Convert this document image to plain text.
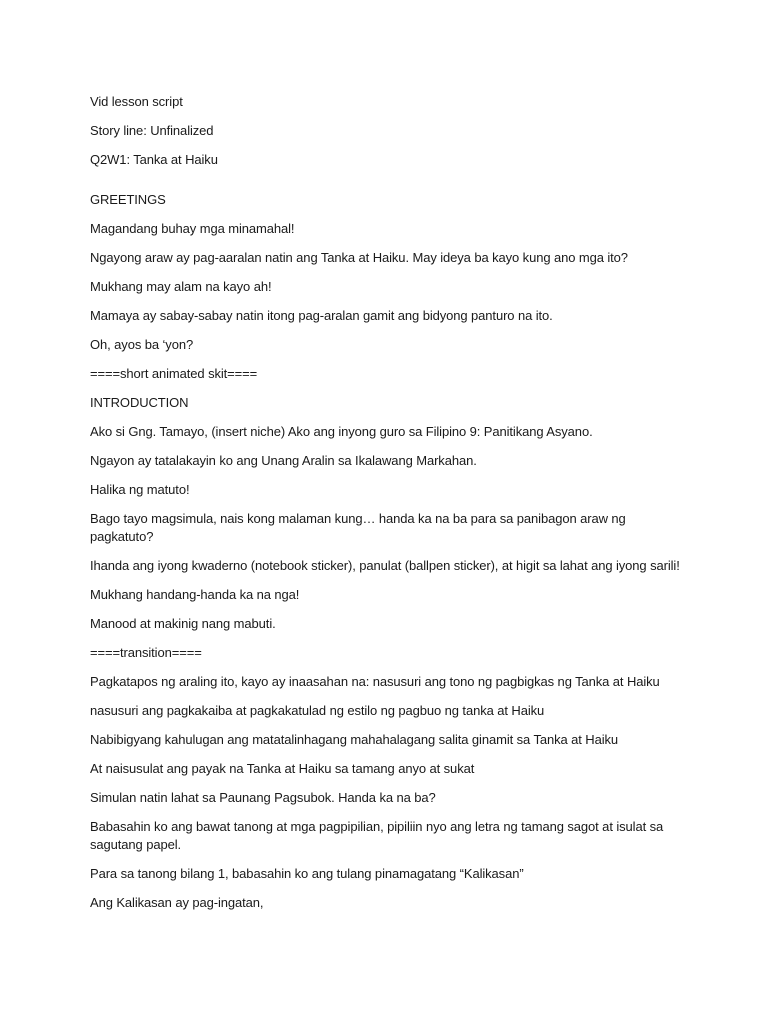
Vid lesson script

Story line: Unfinalized

Q2W1: Tanka at Haiku

GREETINGS

Magandang buhay mga minamahal!

Ngayong araw ay pag-aaralan natin ang Tanka at Haiku. May ideya ba kayo kung ano mga ito?

Mukhang may alam na kayo ah!

Mamaya ay sabay-sabay natin itong pag-aralan gamit ang bidyong panturo na ito.

Oh, ayos ba ‘yon?

====short animated skit====

INTRODUCTION

Ako si Gng. Tamayo, (insert niche) Ako ang inyong guro sa Filipino 9: Panitikang Asyano.

Ngayon ay tatalakayin ko ang Unang Aralin sa Ikalawang Markahan.

Halika ng matuto!

Bago tayo magsimula, nais kong malaman kung… handa ka na ba para sa panibagon araw ng pagkatuto?

Ihanda ang iyong kwaderno (notebook sticker), panulat (ballpen sticker), at higit sa lahat ang iyong sarili!

Mukhang handang-handa ka na nga!

Manood at makinig nang mabuti.

====transition====

Pagkatapos ng araling ito, kayo ay inaasahan na: nasusuri ang tono ng pagbigkas ng Tanka at Haiku

nasusuri ang pagkakaiba at pagkakatulad ng estilo ng pagbuo ng tanka at Haiku

Nabibigyang kahulugan ang matatalinhagang mahahalagang salita ginamit sa Tanka at Haiku

At naisusulat ang payak na Tanka at Haiku sa tamang anyo at sukat

Simulan natin lahat sa Paunang Pagsubok. Handa ka na ba?

Babasahin ko ang bawat tanong at mga pagpipilian, pipiliin nyo ang letra ng tamang sagot at isulat sa sagutang papel.

Para sa tanong bilang 1, babasahin ko ang tulang pinamagatang “Kalikasan”

Ang Kalikasan ay pag-ingatan,
